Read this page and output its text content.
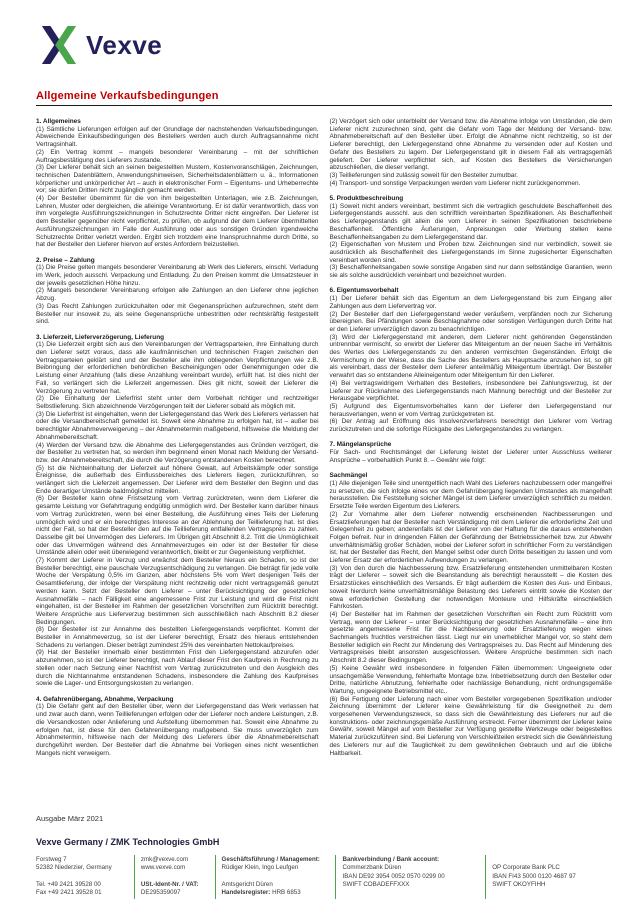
Vexve
Allgemeine Verkaufsbedingungen
1. Allgemeines

(1) Sämtliche Lieferungen erfolgen auf der Grundlage der nachstehenden Verkaufsbedingungen. Abweichende Einkaufsbedingungen des Bestellers werden auch durch Auftragsannahme nicht Vertragsinhalt.

(2) Ein Vertrag kommt – mangels besonderer Vereinbarung – mit der schriftlichen Auftragsbestätigung des Lieferers zustande.

(3) Der Lieferer behält sich an seinen beigestellten Mustern, Kostenvoranschlägen, Zeichnungen, technischen Datenblättern, Anwendungshinweisen, Sicherheitsdatenblättern u. ä., Informationen körperlicher und unkörperlicher Art – auch in elektronischer Form – Eigentums- und Urheberrechte vor; sie dürfen Dritten nicht zugänglich gemacht werden.

(4) Der Besteller übernimmt für die von ihm beigestellten Unterlagen, wie z.B. Zeichnungen, Lehren, Muster oder dergleichen, die alleinige Verantwortung. Er ist dafür verantwortlich, dass von ihm vorgelegte Ausführungszeichnungen in Schutzrechte Dritter nicht eingreifen. Der Lieferer ist dem Besteller gegenüber nicht verpflichtet, zu prüfen, ob aufgrund der dem Lieferer übermittelten Ausführungszeichnungen im Falle der Ausführung oder aus sonstigen Gründen irgendwelche Schutzrechte Dritter verletzt werden. Ergibt sich trotzdem eine Inanspruchnahme durch Dritte, so hat der Besteller den Lieferer hiervon auf erstes Anfordern freizustellen.

2. Preise – Zahlung

(1) Die Preise gelten mangels besonderer Vereinbarung ab Werk des Lieferers, einschl. Verladung im Werk, jedoch ausschl. Verpackung und Entladung. Zu den Preisen kommt die Umsatzsteuer in der jeweils gesetzlichen Höhe hinzu.

(2) Mangels besonderer Vereinbarung erfolgen alle Zahlungen an den Lieferer ohne jeglichen Abzug.

(3) Das Recht Zahlungen zurückzuhalten oder mit Gegenansprüchen aufzurechnen, steht dem Besteller nur insoweit zu, als seine Gegenansprüche unbestritten oder rechtskräftig festgestellt sind.

3. Lieferzeit, Lieferverzögerung, Lieferung

(1) Die Lieferzeit ergibt sich aus den Vereinbarungen der Vertragsparteien, ihre Einhaltung durch den Lieferer setzt voraus, dass alle kaufmännischen und technischen Fragen zwischen den Vertragsparteien geklärt sind und der Besteller alle ihm obliegenden Verpflichtungen wie z.B. Beibringung der erforderlichen behördlichen Bescheinigungen oder Genehmigungen oder die Leistung einer Anzahlung (falls diese Anzahlung vereinbart wurde), erfüllt hat. Ist dies nicht der Fall, so verlängert sich die Lieferzeit angemessen. Dies gilt nicht, soweit der Lieferer die Verzögerung zu vertreten hat.

(2) Die Einhaltung der Lieferfrist steht unter dem Vorbehalt richtiger und rechtzeitiger Selbstlieferung. Sich abzeichnende Verzögerungen teilt der Lieferer sobald als möglich mit.

(3) Die Lieferfrist ist eingehalten, wenn der Liefergegenstand das Werk des Lieferers verlassen hat oder die Versandbereitschaft gemeldet ist. Soweit eine Abnahme zu erfolgen hat, ist – außer bei berechtigter Abnahmeverweigerung – der Abnahmetermin maßgebend, hilfsweise die Meldung der Abnahmebereitschaft.

(4) Werden der Versand bzw. die Abnahme des Liefergegenstandes aus Gründen verzögert, die der Besteller zu vertreten hat, so werden ihm beginnend einen Monat nach Meldung der Versand- bzw. der Abnahmebereitschaft, die durch die Verzögerung entstandenen Kosten berechnet.

(5) Ist die Nichteinhaltung der Lieferzeit auf höhere Gewalt, auf Arbeitskämpfe oder sonstige Ereignisse, die außerhalb des Einflussbereiches des Lieferers liegen, zurückzuführen, so verlängert sich die Lieferzeit angemessen. Der Lieferer wird dem Besteller den Beginn und das Ende derartiger Umstände baldmöglichst mitteilen.

(6) Der Besteller kann ohne Fristsetzung vom Vertrag zurücktreten, wenn dem Lieferer die gesamte Leistung vor Gefahrtragung endgültig unmöglich wird. Der Besteller kann darüber hinaus vom Vertrag zurücktreten, wenn bei einer Bestellung, die Ausführung eines Teils der Lieferung unmöglich wird und er ein berechtigtes Interesse an der Ablehnung der Teillieferung hat. Ist dies nicht der Fall, so hat der Besteller den auf die Teillieferung entfallenden Vertragspreis zu zahlen. Dasselbe gilt bei Unvermögen des Lieferers. Im Übrigen gilt Abschnitt 8.2. Tritt die Unmöglichkeit oder das Unvermögen während des Annahmeverzuges ein oder ist der Besteller für diese Umstände allein oder weit überwiegend verantwortlich, bleibt er zur Gegenleistung verpflichtet.

(7) Kommt der Lieferer in Verzug und erwächst dem Besteller hieraus ein Schaden, so ist der Besteller berechtigt, eine pauschale Verzugsentschädigung zu verlangen. Die beträgt für jede volle Woche der Verspätung 0,5% im Ganzen, aber höchstens 5% vom Wert desjenigen Teils der Gesamtlieferung, der infolge der Verspätung nicht rechtzeitig oder nicht vertragsgemäß genutzt werden kann. Setzt der Besteller dem Lieferer – unter Berücksichtigung der gesetzlichen Ausnahmefälle – nach Fälligkeit eine angemessene Frist zur Leistung und wird die Frist nicht eingehalten, ist der Besteller im Rahmen der gesetzlichen Vorschriften zum Rücktritt berechtigt. Weitere Ansprüche aus Lieferverzug bestimmen sich ausschließlich nach Abschnitt 8.2 dieser Bedingungen.

(8) Der Besteller ist zur Annahme des bestellten Liefergegenstands verpflichtet. Kommt der Besteller in Annahmeverzug, so ist der Lieferer berechtigt, Ersatz des hieraus entstehenden Schadens zu verlangen. Dieser beträgt zumindest 25% des vereinbarten Nettokaufpreises.

(9) Hat der Besteller innerhalb einer bestimmten Frist den Liefergegenstand abzurufen oder abzunehmen, so ist der Lieferer berechtigt, nach Ablauf dieser Frist den Kaufpreis in Rechnung zu stellen oder nach Setzung einer Nachfrist vom Vertrag zurückzutreten und den Ausgleich des durch die Nichtannahme entstandenen Schadens, insbesondere die Zahlung des Kaufpreises sowie die Lager- und Entsorgungskosten zu verlangen.

4. Gefahrenübergang, Abnahme, Verpackung

(1) Die Gefahr geht auf den Besteller über, wenn der Liefergegenstand das Werk verlassen hat und zwar auch dann, wenn Teillieferungen erfolgen oder der Lieferer noch andere Leistungen, z.B. die Versandkosten oder Anlieferung und Aufstellung übernommen hat. Soweit eine Abnahme zu erfolgen hat, ist diese für den Gefahrenübergang maßgebend. Sie muss unverzüglich zum Abnahmetermin, hilfsweise nach der Meldung des Lieferers über die Abnahmebereitschaft durchgeführt werden. Der Besteller darf die Abnahme bei Vorliegen eines nicht wesentlichen Mangels nicht verweigern.

(2) Verzögert sich oder unterbleibt der Versand bzw. die Abnahme infolge von Umständen, die dem Lieferer nicht zuzurechnen sind, geht die Gefahr vom Tage der Meldung der Versand- bzw. Abnahmebereitschaft auf den Besteller über. Erfolgt die Abnahme nicht rechtzeitig, so ist der Lieferer berechtigt, den Liefergegenstand ohne Abnahme zu versenden oder auf Kosten und Gefahr des Bestellers zu lagern. Der Liefergegenstand gilt in diesem Fall als vertragsgemäß geliefert. Der Lieferer verpflichtet sich, auf Kosten des Bestellers die Versicherungen abzuschließen, die dieser verlangt.

(3) Teillieferungen sind zulässig soweit für den Besteller zumutbar.

(4) Transport- und sonstige Verpackungen werden vom Lieferer nicht zurückgenommen.

5. Produktbeschreibung

(1) Soweit nicht anders vereinbart, bestimmt sich die vertraglich geschuldete Beschaffenheit des Liefergegenstands ausschl. aus den schriftlich vereinbarten Spezifikationen. Als Beschaffenheit des Liefergegenstands gilt allein die vom Lieferer in seinen Spezifikationen beschriebene Beschaffenheit. Öffentliche Äußerungen, Anpreisungen oder Werbung stellen keine Beschaffenheitsangaben zu dem Liefergegenstand dar.

(2) Eigenschaften von Mustern und Proben bzw. Zeichnungen sind nur verbindlich, soweit sie ausdrücklich als Beschaffenheit des Liefergegenstands im Sinne zugesicherter Eigenschaften vereinbart worden sind.

(3) Beschaffenheitsangaben sowie sonstige Angaben sind nur dann selbständige Garantien, wenn sie als solche ausdrücklich vereinbart und bezeichnet wurden.

6. Eigentumsvorbehalt

(1) Der Lieferer behält sich das Eigentum an dem Liefergegenstand bis zum Eingang aller Zahlungen aus dem Liefervertrag vor.

(2) Der Besteller darf den Liefergegenstand weder veräußern, verpfänden noch zur Sicherung übereignen. Bei Pfändungen sowie Beschlagnahme oder sonstigen Verfügungen durch Dritte hat er den Lieferer unverzüglich davon zu benachrichtigen.

(3) Wird der Liefergegenstand mit anderen, dem Lieferer nicht gehörenden Gegenständen untrennbar vermischt, so erwirbt der Lieferer das Miteigentum an der neuen Sache im Verhältnis des Wertes des Liefergegenstands zu den anderen vermischten Gegenständen. Erfolgt die Vermischung in der Weise, dass die Sache des Bestellers als Hauptsache anzusehen ist, so gilt als vereinbart, dass der Besteller dem Lieferer anteilmäßig Miteigentum überträgt. Der Besteller verwahrt das so entstandene Alleineigentum oder Miteigentum für den Lieferer.

(4) Bei vertragswidrigem Verhalten des Bestellers, insbesondere bei Zahlungsverzug, ist der Lieferer zur Rücknahme des Liefergegenstands nach Mahnung berechtigt und der Besteller zur Herausgabe verpflichtet.

(5) Aufgrund des Eigentumsvorbehaltes kann der Lieferer den Liefergegenstand nur herausverlangen, wenn er vom Vertrag zurückgetreten ist.

(6) Der Antrag auf Eröffnung des Insolvenzverfahrens berechtigt den Lieferer vom Vertrag zurückzutreten und die sofortige Rückgabe des Liefergegenstandes zu verlangen.

7. Mängelansprüche

Für Sach- und Rechtsmängel der Lieferung leistet der Lieferer unter Ausschluss weiterer Ansprüche – vorbehaltlich Punkt 8. – Gewähr wie folgt:

Sachmängel

(1) Alle diejenigen Teile sind unentgeltlich nach Wahl des Lieferers nachzubessern oder mangelfrei zu ersetzen, die sich infolge eines vor dem Gefahrübergang liegenden Umstandes als mangelhaft herausstellen. Die Feststellung solcher Mängel ist dem Lieferer unverzüglich schriftlich zu melden. Ersetzte Teile werden Eigentum des Lieferers.

(2) Zur Vornahme aller dem Lieferer notwendig erscheinenden Nachbesserungen und Ersatzlieferungen hat der Besteller nach Verständigung mit dem Lieferer die erforderliche Zeit und Gelegenheit zu geben; anderenfalls ist der Lieferer von der Haftung für die daraus entstehenden Folgen befreit. Nur in dringenden Fällen der Gefährdung der Betriebssicherheit bzw. zur Abwehr unverhältnismäßig großer Schäden, wobei der Lieferer sofort in schriftlicher Form zu verständigen ist, hat der Besteller das Recht, den Mangel selbst oder durch Dritte beseitigen zu lassen und vom Lieferer Ersatz der erforderlichen Aufwendungen zu verlangen.

(3) Von den durch die Nachbesserung bzw. Ersatzlieferung entstehenden unmittelbaren Kosten trägt der Lieferer – soweit sich die Beanstandung als berechtigt herausstellt – die Kosten des Ersatzstückes einschließlich des Versands. Er trägt außerdem die Kosten des Aus- und Einbaus, soweit hierdurch keine unverhältnismäßige Belastung des Lieferers eintritt sowie die Kosten der etwa erforderlichen Gestellung der notwendigen Monteure und Hilfskräfte einschließlich Fahrkosten.

(4) Der Besteller hat im Rahmen der gesetzlichen Vorschriften ein Recht zum Rücktritt vom Vertrag, wenn der Lieferer – unter Berücksichtigung der gesetzlichen Ausnahmefälle – eine ihm gesetzte angemessene Frist für die Nachbesserung oder Ersatzlieferung wegen eines Sachmangels fruchtlos verstreichen lässt. Liegt nur ein unerheblicher Mangel vor, so steht dem Besteller lediglich ein Recht zur Minderung des Vertragspreises zu. Das Recht auf Minderung des Vertragspreises bleibt ansonsten ausgeschlossen. Weitere Ansprüche bestimmen sich nach Abschnitt 8.2 dieser Bedingungen.

(5) Keine Gewähr wird insbesondere in folgenden Fällen übernommen: Ungeeignete oder unsachgemäße Verwendung, fehlerhafte Montage bzw. Inbetriebsetzung durch den Besteller oder Dritte, natürliche Abnutzung, fehlerhafte oder nachlässige Behandlung, nicht ordnungsgemäße Wartung, ungeeignete Betriebsmittel etc..

(6) Bei Fertigung oder Lieferung nach einer vom Besteller vorgegebenen Spezifikation und/oder Zeichnung übernimmt der Lieferer keine Gewährleistung für die Geeignetheit zu dem vorgesehenen Verwendungszweck, so dass sich die Gewährleistung des Lieferers nur auf die konstruktions- oder zeichnungsgemäße Ausführung erstreckt. Ferner übernimmt der Lieferer keine Gewähr, soweit Mängel auf vom Besteller zur Verfügung gestellte Werkzeuge oder beigestelltes Material zurückzuführen sind. Bei Lieferung von Verschleißteilen erstreckt sich die Gewährleistung des Lieferers nur auf die Tauglichkeit zu dem gewöhnlichen Gebrauch und auf die übliche Haltbarkeit.

Ausgabe März 2021
Vexve Germany / ZMK Technologies GmbH
Forstweg 7
52382 Niederzier, Germany
Tel. +49 2421 39528 00
Fax +49 2421 39528 01
zmk@vexve.com
www.vexve.com
USt.-Ident-Nr. / VAT:
DE295359097
Geschäftsführung / Management:
Rüdiger Klein, Ingo Leufgen
Amtsgericht Düren
Handelsregister: HRB 6853
Bankverbindung / Bank account:
Commerzbank Düren
IBAN DE92 3954 0052 0570 0299 00
SWIFT COBADEFFXXX
OP Corporate Bank PLC
IBAN FI43 5000 0120 4687 97
SWIFT OKOYFIHH
